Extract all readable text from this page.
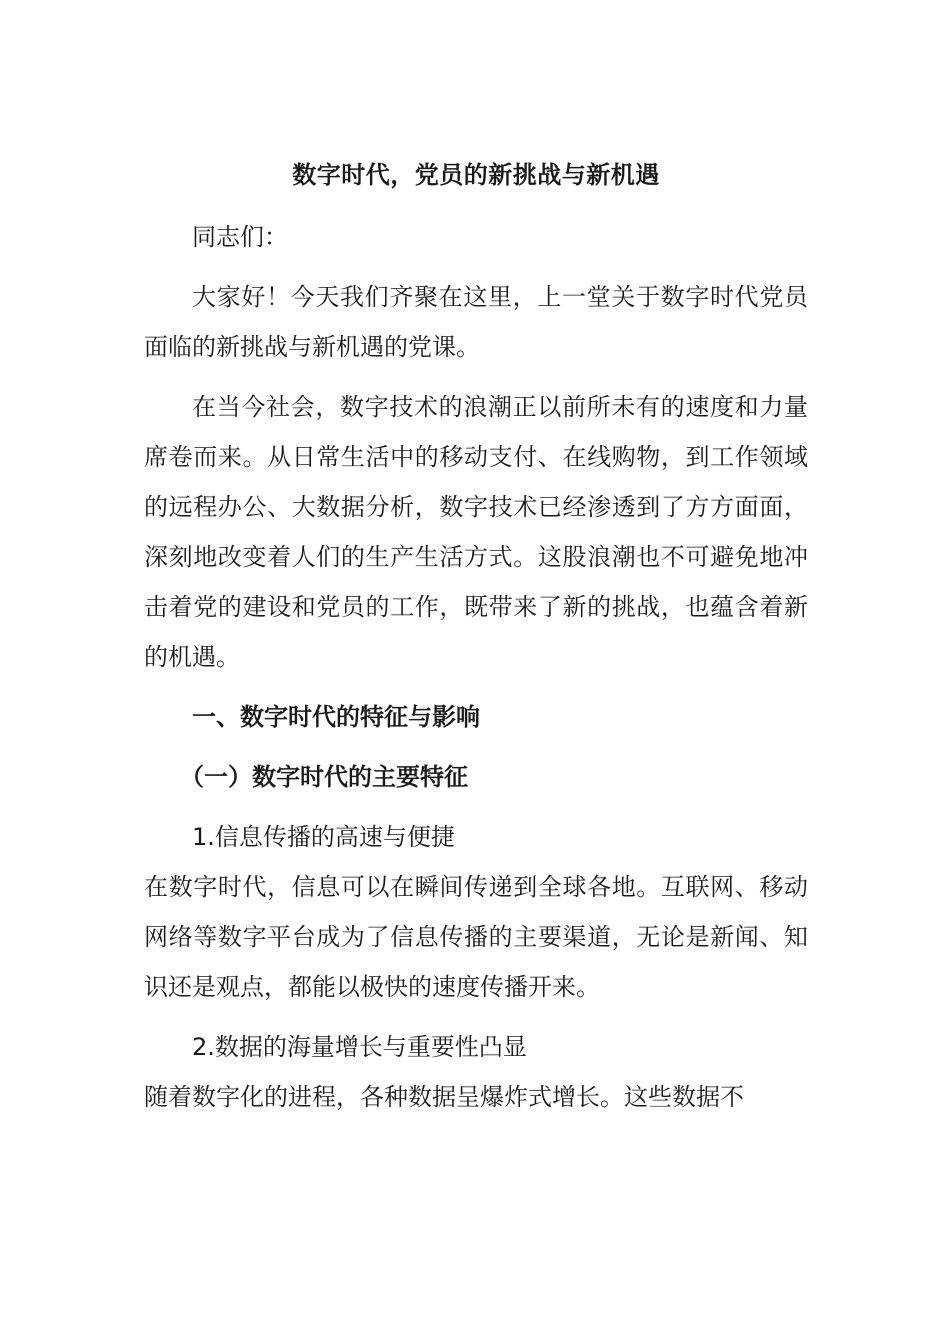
数字时代，党员的新挑战与新机遇

同志们：

大家好！今天我们齐聚在这里，上一堂关于数字时代党员面临的新挑战与新机遇的党课。

在当今社会，数字技术的浪潮正以前所未有的速度和力量席卷而来。从日常生活中的移动支付、在线购物，到工作领域的远程办公、大数据分析，数字技术已经渗透到了方方面面，深刻地改变着人们的生产生活方式。这股浪潮也不可避免地冲击着党的建设和党员的工作，既带来了新的挑战，也蕴含着新的机遇。

一、数字时代的特征与影响

（一）数字时代的主要特征

1.信息传播的高速与便捷

在数字时代，信息可以在瞬间传递到全球各地。互联网、移动网络等数字平台成为了信息传播的主要渠道，无论是新闻、知识还是观点，都能以极快的速度传播开来。

2.数据的海量增长与重要性凸显

随着数字化的进程，各种数据呈爆炸式增长。这些数据不
